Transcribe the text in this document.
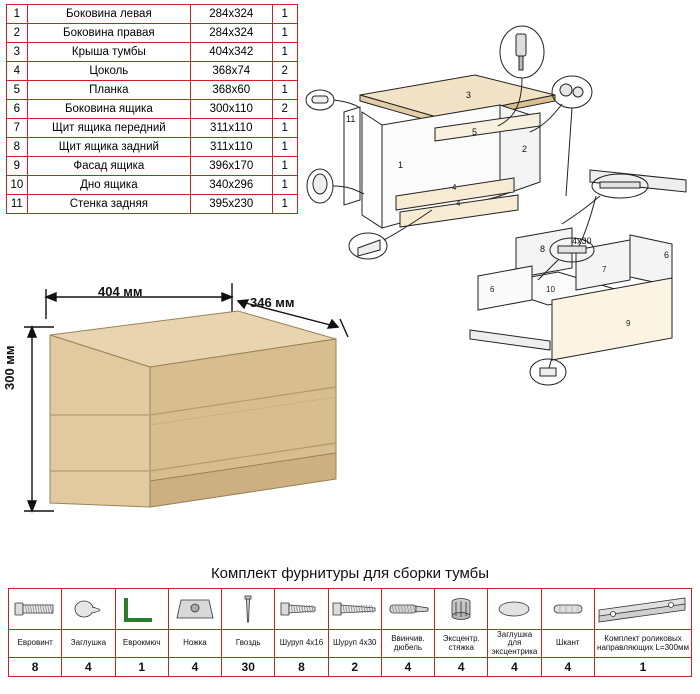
1	Боковина левая	284х324	1
2	Боковина правая	284х324	1
3	Крыша тумбы	404х342	1
4	Цоколь	368х74	2
5	Планка	368х60	1
6	Боковина ящика	300х110	2
7	Щит ящика передний	311х110	1
8	Щит ящика задний	311х110	1
9	Фасад ящика	396х170	1
10	Дно ящика	340х296	1
11	Стенка задняя	395х230	1
4
4
10
6
7
9
3
1
2
11
5
8
6
4х30
404 мм
346 мм
300 мм
Комплект фурнитуры для сборки тумбы

Евровинт	Заглушка	Еврокмюч	Ножка	Гвоздь	Шуруп 4х16	Шуруп 4х30	Ввинчив. дюбель	Эксцентр. стяжка	Заглушка для эксцентрика	Шкант	Комплект роликовых направляющих L=300мм
8	4	1	4	30	8	2	4	4	4	4	1
